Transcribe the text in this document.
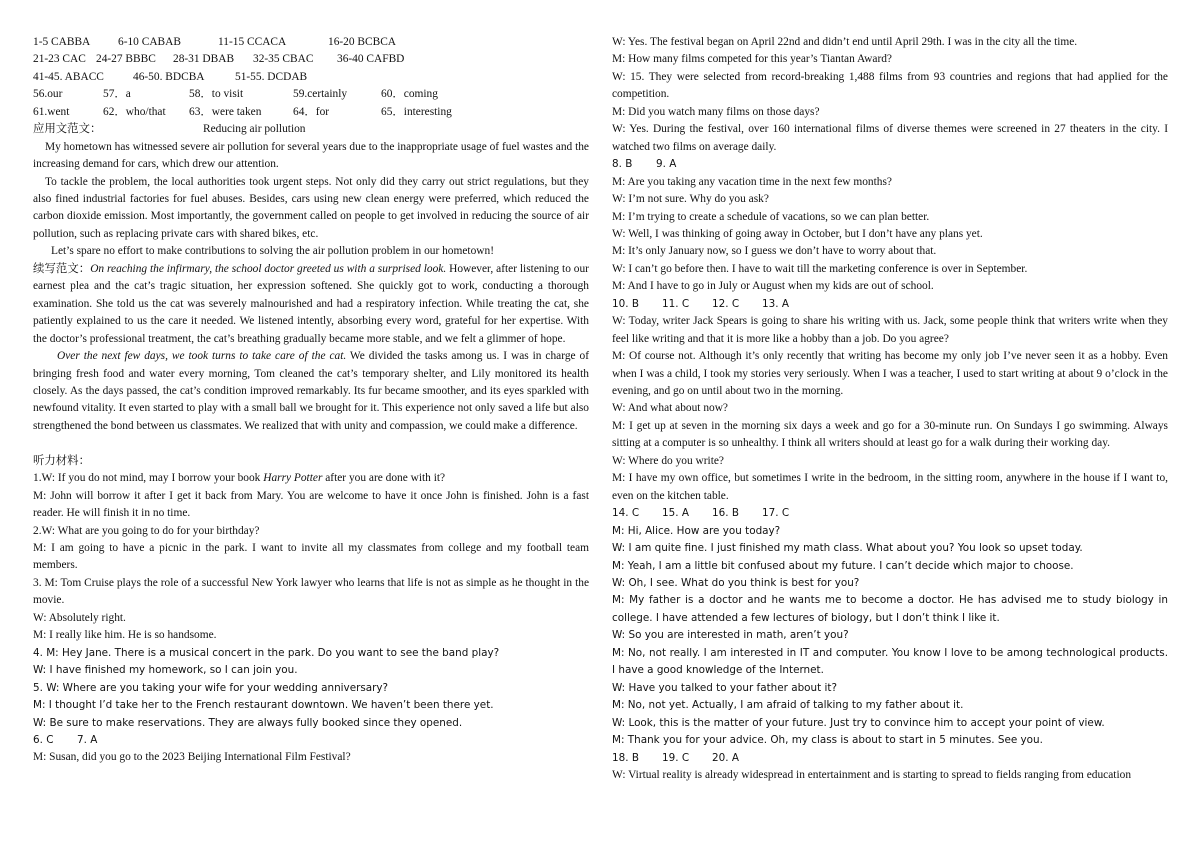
1-5 CABBA 6-10 CABAB	11-15 CCACA	16-20 BCBCA
21-23 CAC 24-27 BBBC 28-31 DBAB 32-35 CBAC 36-40 CAFBD
41-45. ABACC	46-50. BDCBA	51-55. DCDAB
56.our	57．a	58．to visit	59.certainly	60．coming
61.went	62．who/that 63．were taken	64．for	65．interesting
应用文范文：	Reducing air pollution

My hometown has witnessed severe air pollution for several years due to the inappropriate usage of fuel wastes and the increasing demand for cars, which drew our attention.

To tackle the problem, the local authorities took urgent steps. Not only did they carry out strict regulations, but they also fined industrial factories for fuel abuses. Besides, cars using new clean energy were preferred, which reduced the carbon dioxide emission. Most importantly, the government called on people to get involved in reducing the source of air pollution, such as replacing private cars with shared bikes, etc.

Let’s spare no effort to make contributions to solving the air pollution problem in our hometown!

续写范文：On reaching the infirmary, the school doctor greeted us with a surprised look. However, after listening to our earnest plea and the cat’s tragic situation, her expression softened. She quickly got to work, conducting a thorough examination. She told us the cat was severely malnourished and had a respiratory infection. While treating the cat, she patiently explained to us the care it needed. We listened intently, absorbing every word, grateful for her expertise. With the doctor’s professional treatment, the cat’s breathing gradually became more stable, and we felt a glimmer of hope.

Over the next few days, we took turns to take care of the cat. We divided the tasks among us. I was in charge of bringing fresh food and water every morning, Tom cleaned the cat’s temporary shelter, and Lily monitored its health closely. As the days passed, the cat’s condition improved remarkably. Its fur became smoother, and its eyes sparkled with newfound vitality. It even started to play with a small ball we brought for it. This experience not only saved a life but also strengthened the bond between us classmates. We realized that with unity and compassion, we could make a difference.

听力材料：

1.W: If you do not mind, may I borrow your book Harry Potter after you are done with it?

M: John will borrow it after I get it back from Mary. You are welcome to have it once John is finished. John is a fast reader. He will finish it in no time.

2.W: What are you going to do for your birthday?

M: I am going to have a picnic in the park. I want to invite all my classmates from college and my football team members.

3. M: Tom Cruise plays the role of a successful New York lawyer who learns that life is not as simple as he thought in the movie.

W: Absolutely right.

M: I really like him. He is so handsome.

4. M: Hey Jane. There is a musical concert in the park. Do you want to see the band play?

W: I have finished my homework, so I can join you.

5. W: Where are you taking your wife for your wedding anniversary?

M: I thought I’d take her to the French restaurant downtown. We haven’t been there yet.

W: Be sure to make reservations. They are always fully booked since they opened.

6. C 7. A

M: Susan, did you go to the 2023 Beijing International Film Festival?

W: Yes. The festival began on April 22nd and didn’t end until April 29th. I was in the city all the time.

M: How many films competed for this year’s Tiantan Award?

W: 15. They were selected from record-breaking 1,488 films from 93 countries and regions that had applied for the competition.

M: Did you watch many films on those days?

W: Yes. During the festival, over 160 international films of diverse themes were screened in 27 theaters in the city. I watched two films on average daily.

8. B 9. A

M: Are you taking any vacation time in the next few months?

W: I’m not sure. Why do you ask?

M: I’m trying to create a schedule of vacations, so we can plan better.

W: Well, I was thinking of going away in October, but I don’t have any plans yet.

M: It’s only January now, so I guess we don’t have to worry about that.

W: I can’t go before then. I have to wait till the marketing conference is over in September.

M: And I have to go in July or August when my kids are out of school.

10. B 11. C 12. C 13. A

W: Today, writer Jack Spears is going to share his writing with us. Jack, some people think that writers write when they feel like writing and that it is more like a hobby than a job. Do you agree?

M: Of course not. Although it’s only recently that writing has become my only job I’ve never seen it as a hobby. Even when I was a child, I took my stories very seriously. When I was a teacher, I used to start writing at about 9 o’clock in the evening, and go on until about two in the morning.

W: And what about now?

M: I get up at seven in the morning six days a week and go for a 30-minute run. On Sundays I go swimming. Always sitting at a computer is so unhealthy. I think all writers should at least go for a walk during their working day.

W: Where do you write?

M: I have my own office, but sometimes I write in the bedroom, in the sitting room, anywhere in the house if I want to, even on the kitchen table.

14. C 15. A 16. B 17. C

M: Hi, Alice. How are you today?

W: I am quite fine. I just finished my math class. What about you? You look so upset today.

M: Yeah, I am a little bit confused about my future. I can’t decide which major to choose.

W: Oh, I see. What do you think is best for you?

M: My father is a doctor and he wants me to become a doctor. He has advised me to study biology in college. I have attended a few lectures of biology, but I don’t think I like it.

W: So you are interested in math, aren’t you?

M: No, not really. I am interested in IT and computer. You know I love to be among technological products. I have a good knowledge of the Internet.

W: Have you talked to your father about it?

M: No, not yet. Actually, I am afraid of talking to my father about it.

W: Look, this is the matter of your future. Just try to convince him to accept your point of view.

M: Thank you for your advice. Oh, my class is about to start in 5 minutes. See you.

18. B 19. C 20. A

W: Virtual reality is already widespread in entertainment and is starting to spread to fields ranging from education
